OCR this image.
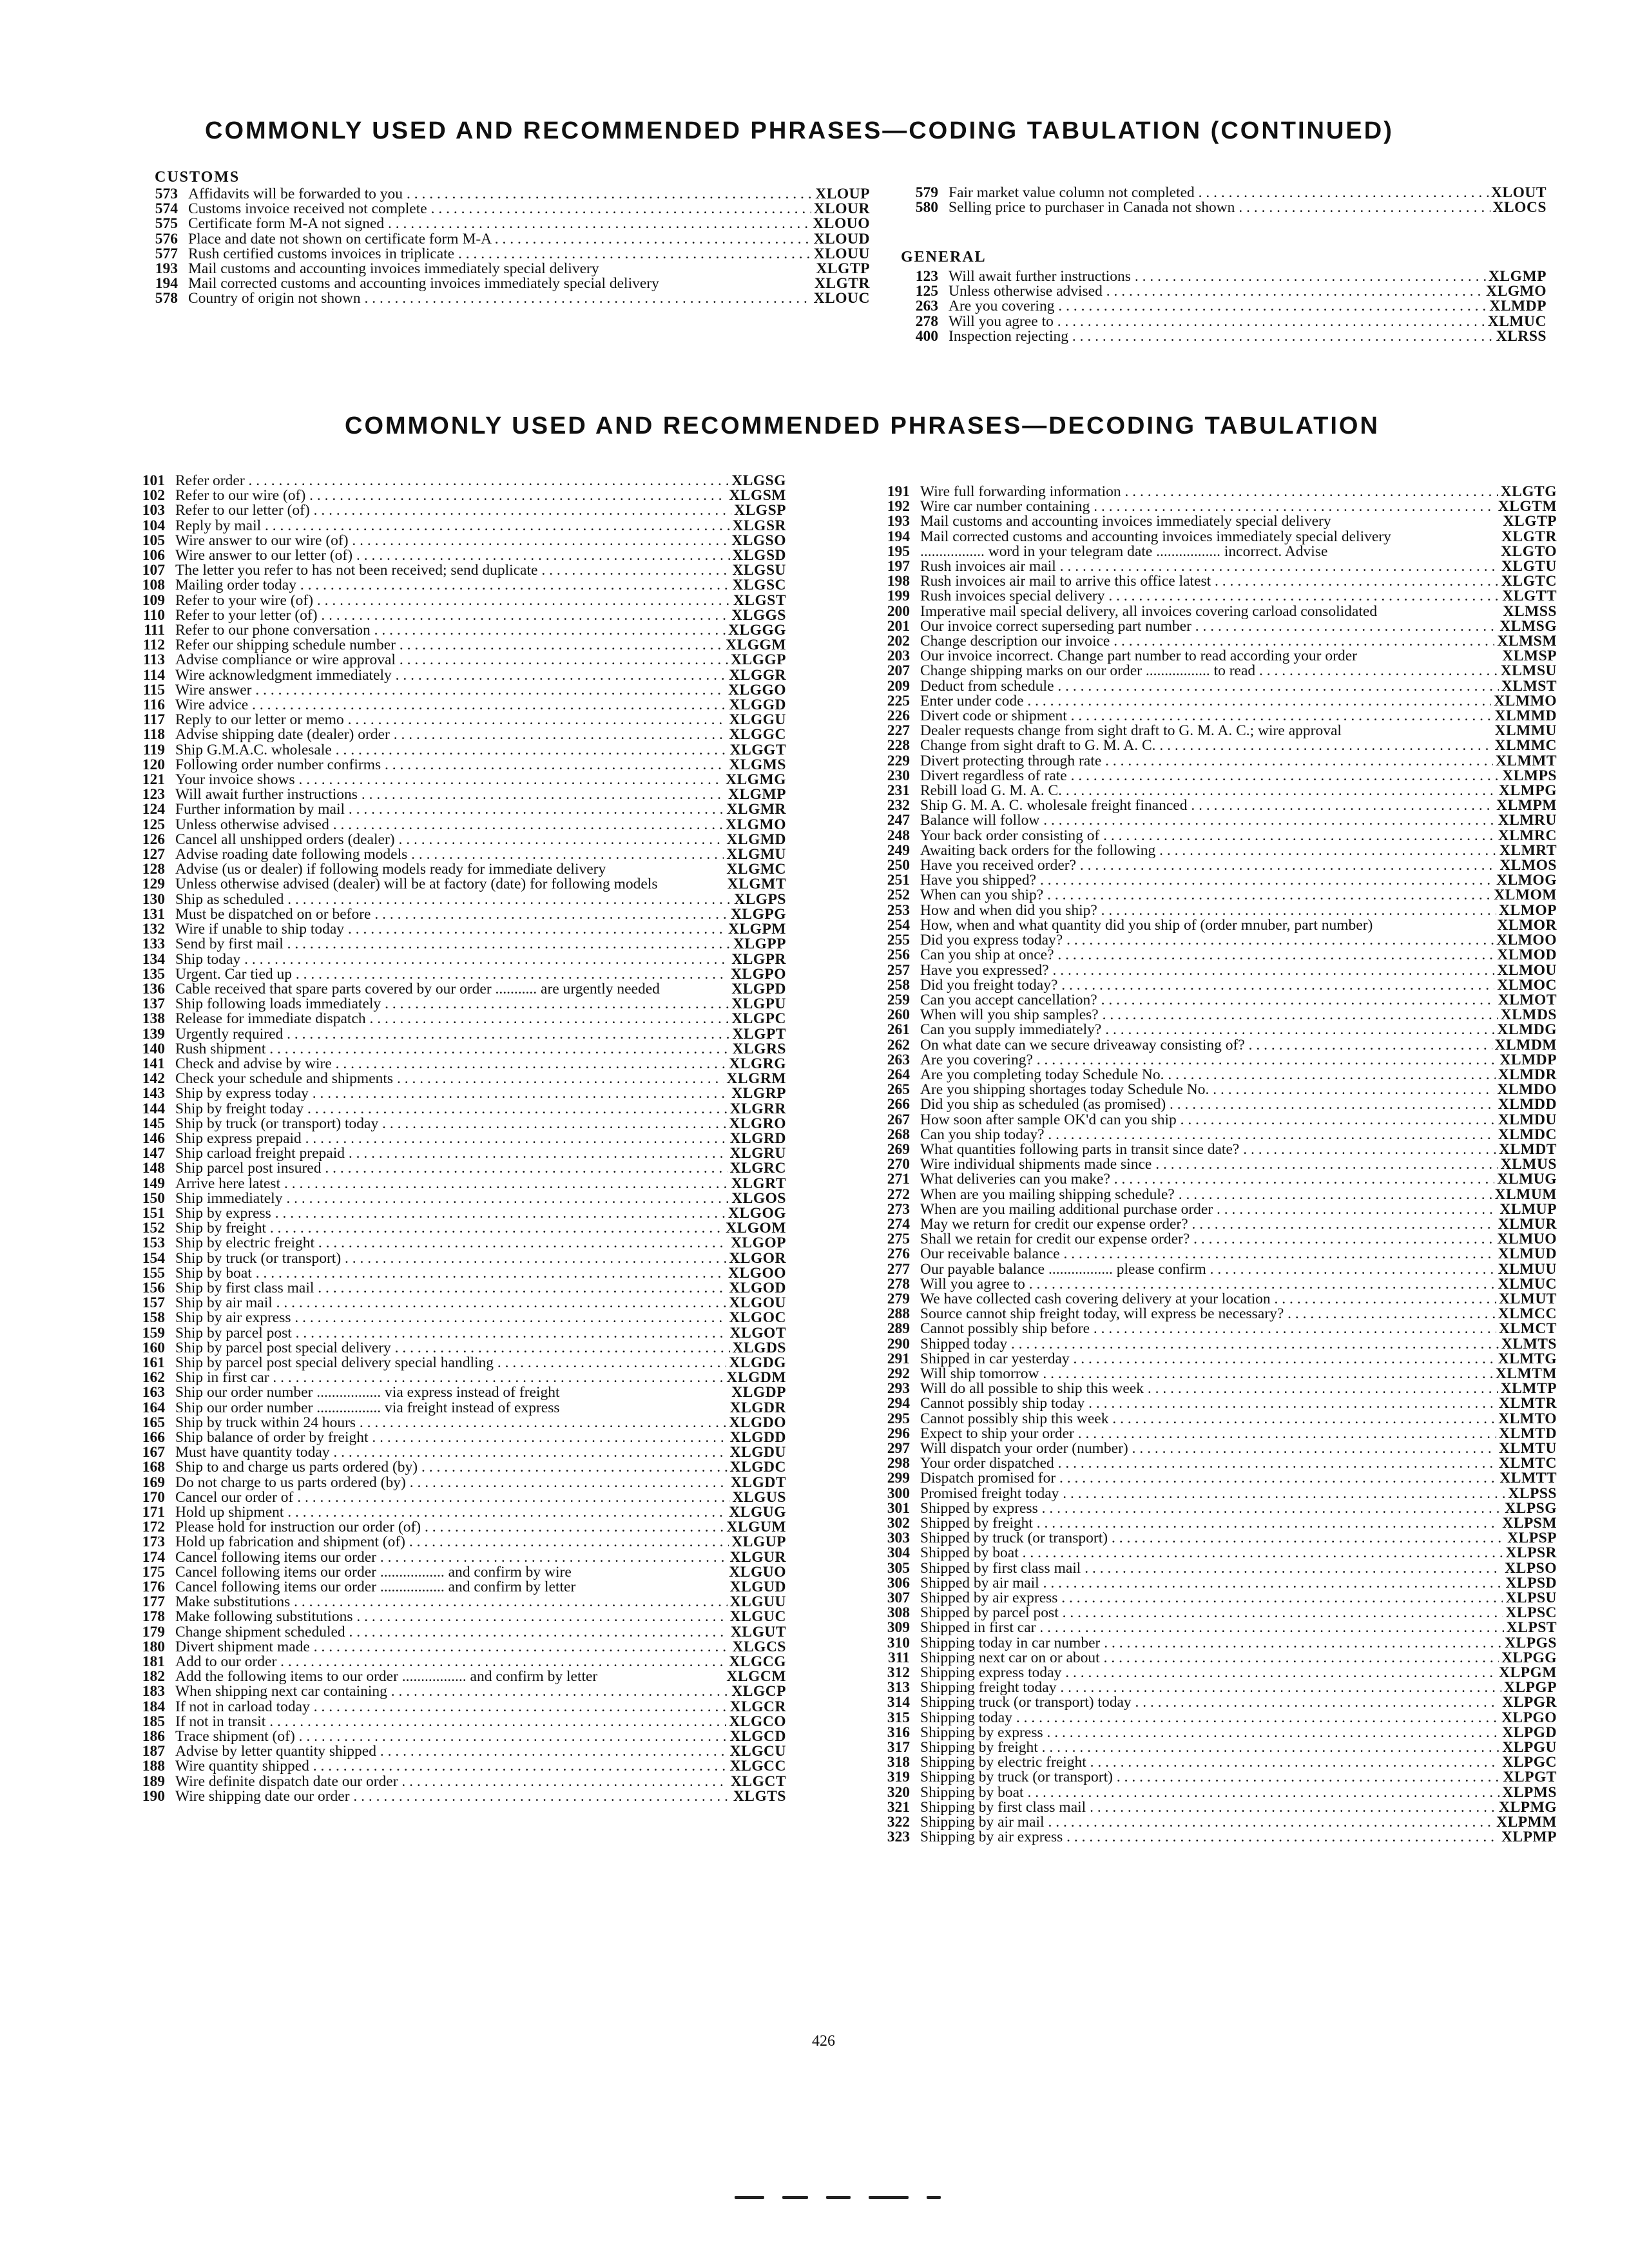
COMMONLY USED AND RECOMMENDED PHRASES—CODING TABULATION (CONTINUED)
CUSTOMS
573 Affidavits will be forwarded to you . . .	XLOUP
574 Customs invoice received not complete . . .	XLOUR
575 Certificate form M-A not signed . . .	XLOUO
576 Place and date not shown on certificate form M-A . . .	XLOUD
577 Rush certified customs invoices in triplicate . . .	XLOUU
193 Mail customs and accounting invoices immediately special delivery	XLGTP
194 Mail corrected customs and accounting invoices immediately special delivery	XLGTR
578 Country of origin not shown . . .	XLOUC
579 Fair market value column not completed . . .	XLOUT
580 Selling price to purchaser in Canada not shown . . .	XLOCS
GENERAL
123 Will await further instructions . . .	XLGMP
125 Unless otherwise advised . . .	XLGMO
263 Are you covering . . .	XLMDP
278 Will you agree to . . .	XLMUC
400 Inspection rejecting . . .	XLRSS
COMMONLY USED AND RECOMMENDED PHRASES—DECODING TABULATION
101 Refer order . . .	XLGSG
102 Refer to our wire (of) . . .	XLGSM
103 Refer to our letter (of) . . .	XLGSP
104 Reply by mail . . .	XLGSR
105 Wire answer to our wire (of) . . .	XLGSO
106 Wire answer to our letter (of) . . .	XLGSD
107 The letter you refer to has not been received; send duplicate . . .	XLGSU
108 Mailing order today . . .	XLGSC
109 Refer to your wire (of) . . .	XLGST
110 Refer to your letter (of) . . .	XLGGS
111 Refer to our phone conversation . . .	XLGGG
112 Refer our shipping schedule number . . .	XLGGM
113 Advise compliance or wire approval . . .	XLGGP
114 Wire acknowledgment immediately . . .	XLGGR
115 Wire answer . . .	XLGGO
116 Wire advice . . .	XLGGD
117 Reply to our letter or memo . . .	XLGGU
118 Advise shipping date (dealer) order . . .	XLGGC
119 Ship G.M.A.C. wholesale . . .	XLGGT
120 Following order number confirms . . .	XLGMS
121 Your invoice shows . . .	XLGMG
123 Will await further instructions . . .	XLGMP
124 Further information by mail . . .	XLGMR
125 Unless otherwise advised . . .	XLGMO
126 Cancel all unshipped orders (dealer) . . .	XLGMD
127 Advise roading date following models . . .	XLGMU
128 Advise (us or dealer) if following models ready for immediate delivery	XLGMC
129 Unless otherwise advised (dealer) will be at factory (date) for following models	XLGMT
130 Ship as scheduled . . .	XLGPS
131 Must be dispatched on or before . . .	XLGPG
132 Wire if unable to ship today . . .	XLGPM
133 Send by first mail . . .	XLGPP
134 Ship today . . .	XLGPR
135 Urgent. Car tied up . . .	XLGPO
136 Cable received that spare parts covered by our order ........... are urgently needed	XLGPD
137 Ship following loads immediately . . .	XLGPU
138 Release for immediate dispatch . . .	XLGPC
139 Urgently required . . .	XLGPT
140 Rush shipment . . .	XLGRS
141 Check and advise by wire . . .	XLGRG
142 Check your schedule and shipments . . .	XLGRM
143 Ship by express today . . .	XLGRP
144 Ship by freight today . . .	XLGRR
145 Ship by truck (or transport) today . . .	XLGRO
146 Ship express prepaid . . .	XLGRD
147 Ship carload freight prepaid . . .	XLGRU
148 Ship parcel post insured . . .	XLGRC
149 Arrive here latest . . .	XLGRT
150 Ship immediately . . .	XLGOS
151 Ship by express . . .	XLGOG
152 Ship by freight . . .	XLGOM
153 Ship by electric freight . . .	XLGOP
154 Ship by truck (or transport) . . .	XLGOR
155 Ship by boat . . .	XLGOO
156 Ship by first class mail . . .	XLGOD
157 Ship by air mail . . .	XLGOU
158 Ship by air express . . .	XLGOC
159 Ship by parcel post . . .	XLGOT
160 Ship by parcel post special delivery . . .	XLGDS
161 Ship by parcel post special delivery special handling . . .	XLGDG
162 Ship in first car . . .	XLGDM
163 Ship our order number ................. via express instead of freight	XLGDP
164 Ship our order number ................. via freight instead of express	XLGDR
165 Ship by truck within 24 hours . . .	XLGDO
166 Ship balance of order by freight . . .	XLGDD
167 Must have quantity today . . .	XLGDU
168 Ship to and charge us parts ordered (by) . . .	XLGDC
169 Do not charge to us parts ordered (by) . . .	XLGDT
170 Cancel our order of . . .	XLGUS
171 Hold up shipment . . .	XLGUG
172 Please hold for instruction our order (of) . . .	XLGUM
173 Hold up fabrication and shipment (of) . . .	XLGUP
174 Cancel following items our order . . .	XLGUR
175 Cancel following items our order ................. and confirm by wire	XLGUO
176 Cancel following items our order ................. and confirm by letter	XLGUD
177 Make substitutions . . .	XLGUU
178 Make following substitutions . . .	XLGUC
179 Change shipment scheduled . . .	XLGUT
180 Divert shipment made . . .	XLGCS
181 Add to our order . . .	XLGCG
182 Add the following items to our order ................. and confirm by letter	XLGCM
183 When shipping next car containing . . .	XLGCP
184 If not in carload today . . .	XLGCR
185 If not in transit . . .	XLGCO
186 Trace shipment (of) . . .	XLGCD
187 Advise by letter quantity shipped . . .	XLGCU
188 Wire quantity shipped . . .	XLGCC
189 Wire definite dispatch date our order . . .	XLGCT
190 Wire shipping date our order . . .	XLGTS
191 Wire full forwarding information . . .	XLGTG
192 Wire car number containing . . .	XLGTM
193 Mail customs and accounting invoices immediately special delivery	XLGTP
194 Mail corrected customs and accounting invoices immediately special delivery	XLGTR
195 ................. word in your telegram date ................. incorrect. Advise	XLGTO
197 Rush invoices air mail . . .	XLGTU
198 Rush invoices air mail to arrive this office latest . . .	XLGTC
199 Rush invoices special delivery . . .	XLGTT
200 Imperative mail special delivery, all invoices covering carload consolidated	XLMSS
201 Our invoice correct superseding part number . . .	XLMSG
202 Change description our invoice . . .	XLMSM
203 Our invoice incorrect. Change part number to read according your order	XLMSP
207 Change shipping marks on our order ................. to read . . .	XLMSU
209 Deduct from schedule . . .	XLMST
225 Enter under code . . .	XLMMO
226 Divert code or shipment . . .	XLMMD
227 Dealer requests change from sight draft to G. M. A. C.; wire approval	XLMMU
228 Change from sight draft to G. M. A. C. . . .	XLMMC
229 Divert protecting through rate . . .	XLMMT
230 Divert regardless of rate . . .	XLMPS
231 Rebill load G. M. A. C. . . .	XLMPG
232 Ship G. M. A. C. wholesale freight financed . . .	XLMPM
247 Balance will follow . . .	XLMRU
248 Your back order consisting of . . .	XLMRC
249 Awaiting back orders for the following . . .	XLMRT
250 Have you received order? . . .	XLMOS
251 Have you shipped? . . .	XLMOG
252 When can you ship? . . .	XLMOM
253 How and when did you ship? . . .	XLMOP
254 How, when and what quantity did you ship of (order mnuber, part number)	XLMOR
255 Did you express today? . . .	XLMOO
256 Can you ship at once? . . .	XLMOD
257 Have you expressed? . . .	XLMOU
258 Did you freight today? . . .	XLMOC
259 Can you accept cancellation? . . .	XLMOT
260 When will you ship samples? . . .	XLMDS
261 Can you supply immediately? . . .	XLMDG
262 On what date can we secure driveaway consisting of? . . .	XLMDM
263 Are you covering? . . .	XLMDP
264 Are you completing today Schedule No. . . .	XLMDR
265 Are you shipping shortages today Schedule No. . . .	XLMDO
266 Did you ship as scheduled (as promised) . . .	XLMDD
267 How soon after sample OK'd can you ship . . .	XLMDU
268 Can you ship today? . . .	XLMDC
269 What quantities following parts in transit since date? . . .	XLMDT
270 Wire individual shipments made since . . .	XLMUS
271 What deliveries can you make? . . .	XLMUG
272 When are you mailing shipping schedule? . . .	XLMUM
273 When are you mailing additional purchase order . . .	XLMUP
274 May we return for credit our expense order? . . .	XLMUR
275 Shall we retain for credit our expense order? . . .	XLMUO
276 Our receivable balance . . .	XLMUD
277 Our payable balance ................. please confirm . . .	XLMUU
278 Will you agree to . . .	XLMUC
279 We have collected cash covering delivery at your location . . .	XLMUT
288 Source cannot ship freight today, will express be necessary? . . .	XLMCC
289 Cannot possibly ship before . . .	XLMCT
290 Shipped today . . .	XLMTS
291 Shipped in car yesterday . . .	XLMTG
292 Will ship tomorrow . . .	XLMTM
293 Will do all possible to ship this week . . .	XLMTP
294 Cannot possibly ship today . . .	XLMTR
295 Cannot possibly ship this week . . .	XLMTO
296 Expect to ship your order . . .	XLMTD
297 Will dispatch your order (number) . . .	XLMTU
298 Your order dispatched . . .	XLMTC
299 Dispatch promised for . . .	XLMTT
300 Promised freight today . . .	XLPSS
301 Shipped by express . . .	XLPSG
302 Shipped by freight . . .	XLPSM
303 Shipped by truck (or transport) . . .	XLPSP
304 Shipped by boat . . .	XLPSR
305 Shipped by first class mail . . .	XLPSO
306 Shipped by air mail . . .	XLPSD
307 Shipped by air express . . .	XLPSU
308 Shipped by parcel post . . .	XLPSC
309 Shipped in first car . . .	XLPST
310 Shipping today in car number . . .	XLPGS
311 Shipping next car on or about . . .	XLPGG
312 Shipping express today . . .	XLPGM
313 Shipping freight today . . .	XLPGP
314 Shipping truck (or transport) today . . .	XLPGR
315 Shipping today . . .	XLPGO
316 Shipping by express . . .	XLPGD
317 Shipping by freight . . .	XLPGU
318 Shipping by electric freight . . .	XLPGC
319 Shipping by truck (or transport) . . .	XLPGT
320 Shipping by boat . . .	XLPMS
321 Shipping by first class mail . . .	XLPMG
322 Shipping by air mail . . .	XLPMM
323 Shipping by air express . . .	XLPMP
426
